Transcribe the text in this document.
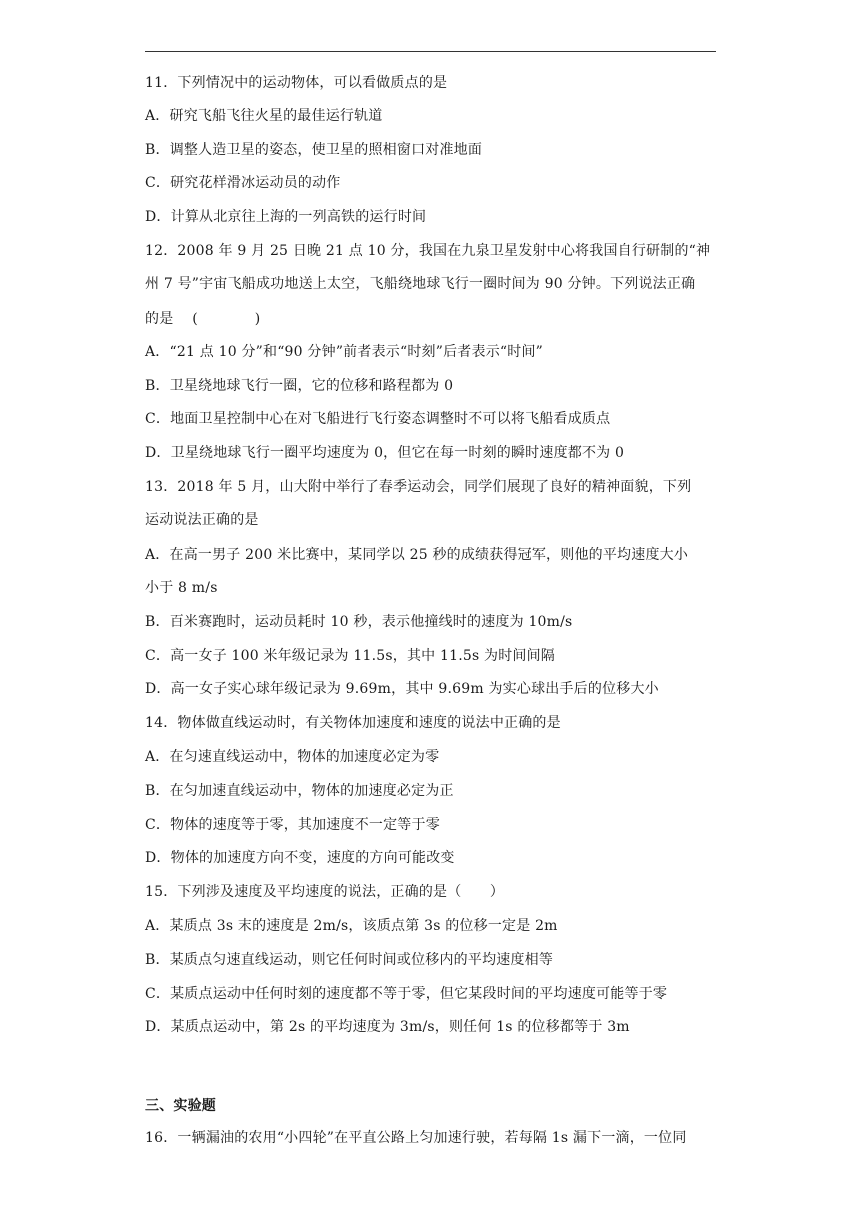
11．下列情况中的运动物体，可以看做质点的是
A．研究飞船飞往火星的最佳运行轨道
B．调整人造卫星的姿态，使卫星的照相窗口对准地面
C．研究花样滑冰运动员的动作
D．计算从北京往上海的一列高铁的运行时间
12．2008 年 9 月 25 日晚 21 点 10 分，我国在九泉卫星发射中心将我国自行研制的“神
州 7 号”宇宙飞船成功地送上太空，飞船绕地球飞行一圈时间为 90 分钟。下列说法正确
的是　 (　　　　)
A．“21 点 10 分”和“90 分钟”前者表示“时刻”后者表示“时间”
B．卫星绕地球飞行一圈，它的位移和路程都为 0
C．地面卫星控制中心在对飞船进行飞行姿态调整时不可以将飞船看成质点
D．卫星绕地球飞行一圈平均速度为 0，但它在每一时刻的瞬时速度都不为 0
13．2018 年 5 月，山大附中举行了春季运动会，同学们展现了良好的精神面貌，下列
运动说法正确的是
A．在高一男子 200 米比赛中，某同学以 25 秒的成绩获得冠军，则他的平均速度大小
小于 8 m/s
B．百米赛跑时，运动员耗时 10 秒，表示他撞线时的速度为 10m/s
C．高一女子 100 米年级记录为 11.5s，其中 11.5s 为时间间隔
D．高一女子实心球年级记录为 9.69m，其中 9.69m 为实心球出手后的位移大小
14．物体做直线运动时，有关物体加速度和速度的说法中正确的是
A．在匀速直线运动中，物体的加速度必定为零
B．在匀加速直线运动中，物体的加速度必定为正
C．物体的速度等于零，其加速度不一定等于零
D．物体的加速度方向不变，速度的方向可能改变
15．下列涉及速度及平均速度的说法，正确的是（　　）
A．某质点 3s 末的速度是 2m/s，该质点第 3s 的位移一定是 2m
B．某质点匀速直线运动，则它任何时间或位移内的平均速度相等
C．某质点运动中任何时刻的速度都不等于零，但它某段时间的平均速度可能等于零
D．某质点运动中，第 2s 的平均速度为 3m/s，则任何 1s 的位移都等于 3m
三、实验题
16．一辆漏油的农用“小四轮”在平直公路上匀加速行驶，若每隔 1s 漏下一滴，一位同
